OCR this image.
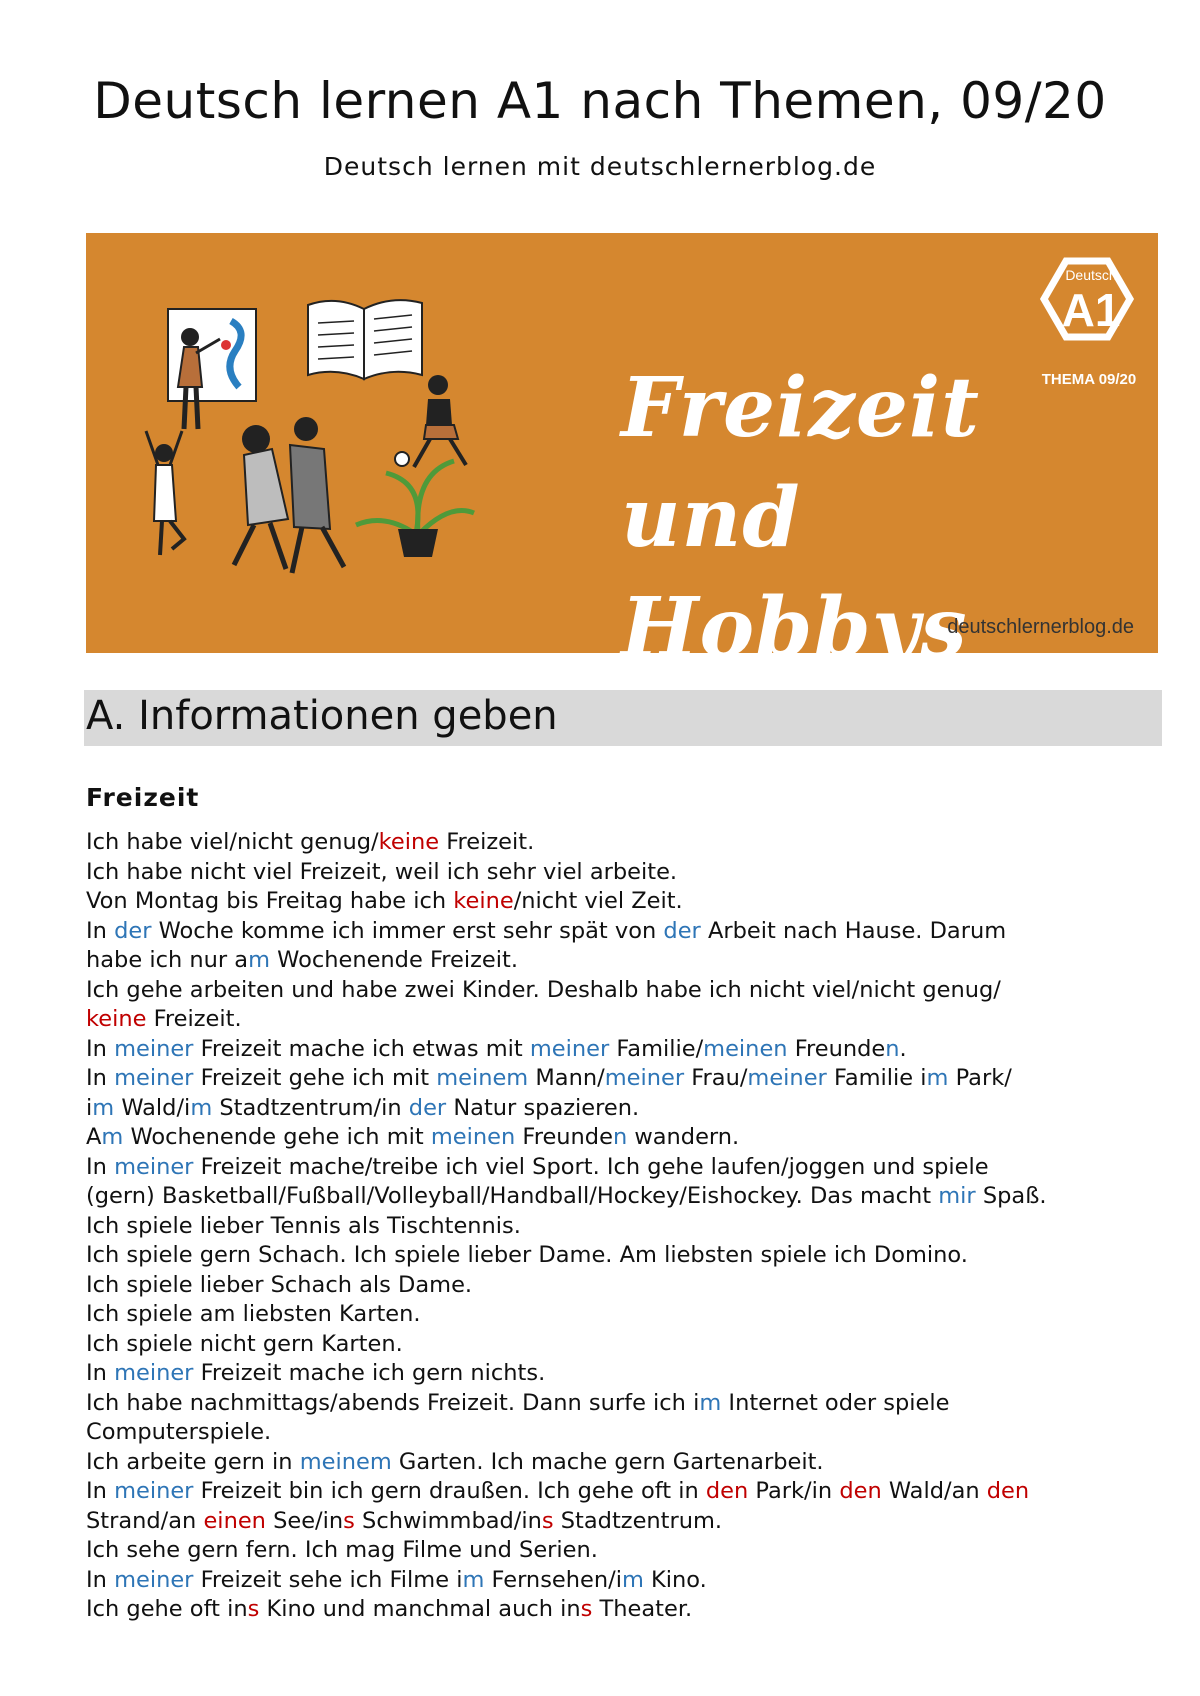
Deutsch lernen A1 nach Themen, 09/20
Deutsch lernen mit deutschlernerblog.de
Freizeit
und Hobbys
Deutsch
A1
THEMA 09/20
deutschlernerblog.de
A. Informationen geben
Freizeit
Ich habe viel/nicht genug/keine Freizeit.
Ich habe nicht viel Freizeit, weil ich sehr viel arbeite.
Von Montag bis Freitag habe ich keine/nicht viel Zeit.
In der Woche komme ich immer erst sehr spät von der Arbeit nach Hause. Darum
habe ich nur am Wochenende Freizeit.
Ich gehe arbeiten und habe zwei Kinder. Deshalb habe ich nicht viel/nicht genug/
keine Freizeit.
In meiner Freizeit mache ich etwas mit meiner Familie/meinen Freunden.
In meiner Freizeit gehe ich mit meinem Mann/meiner Frau/meiner Familie im Park/
im Wald/im Stadtzentrum/in der Natur spazieren.
Am Wochenende gehe ich mit meinen Freunden wandern.
In meiner Freizeit mache/treibe ich viel Sport. Ich gehe laufen/joggen und spiele
(gern) Basketball/Fußball/Volleyball/Handball/Hockey/Eishockey. Das macht mir Spaß.
Ich spiele lieber Tennis als Tischtennis.
Ich spiele gern Schach. Ich spiele lieber Dame. Am liebsten spiele ich Domino.
Ich spiele lieber Schach als Dame.
Ich spiele am liebsten Karten.
Ich spiele nicht gern Karten.
In meiner Freizeit mache ich gern nichts.
Ich habe nachmittags/abends Freizeit. Dann surfe ich im Internet oder spiele
Computerspiele.
Ich arbeite gern in meinem Garten. Ich mache gern Gartenarbeit.
In meiner Freizeit bin ich gern draußen. Ich gehe oft in den Park/in den Wald/an den
Strand/an einen See/ins Schwimmbad/ins Stadtzentrum.
Ich sehe gern fern. Ich mag Filme und Serien.
In meiner Freizeit sehe ich Filme im Fernsehen/im Kino.
Ich gehe oft ins Kino und manchmal auch ins Theater.
